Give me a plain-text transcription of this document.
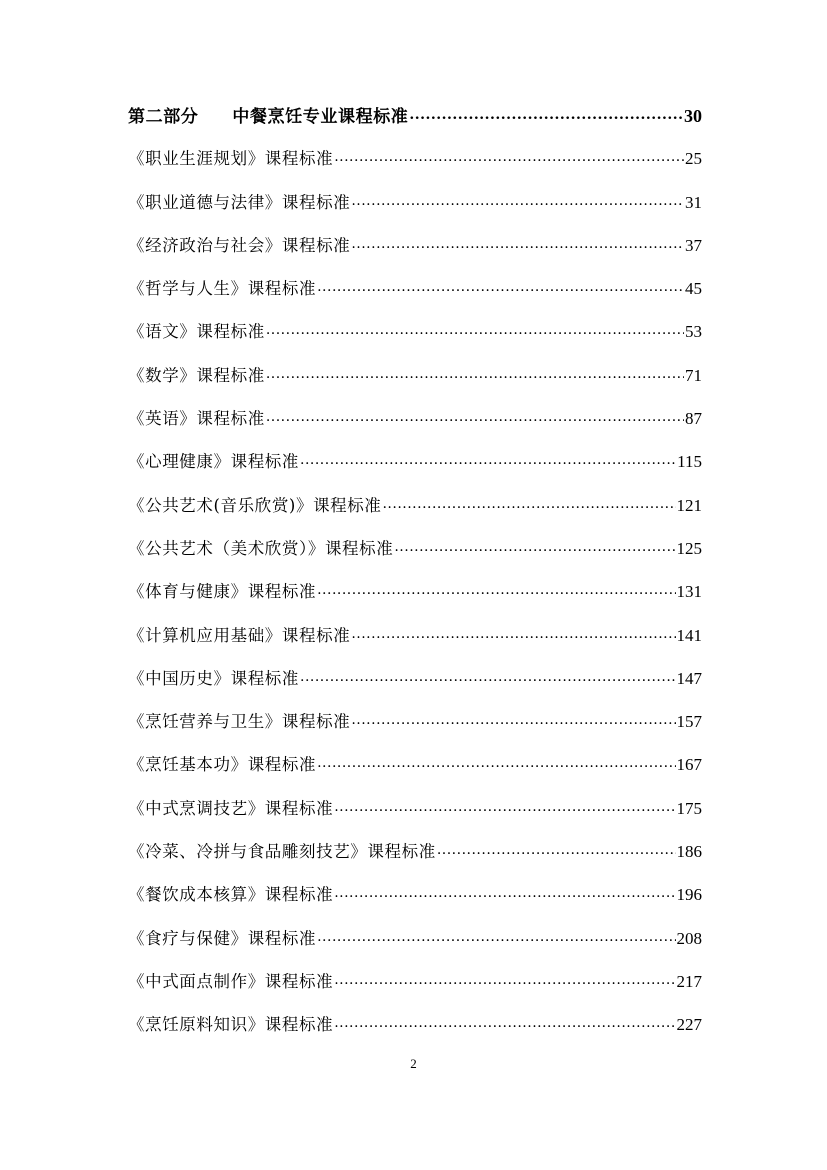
第二部分 中餐烹饪专业课程标准 .....	30
《职业生涯规划》课程标准 .....	25
《职业道德与法律》课程标准 .....	31
《经济政治与社会》课程标准 .....	37
《哲学与人生》课程标准 .....	45
《语文》课程标准 .....	53
《数学》课程标准 .....	71
《英语》课程标准 .....	87
《心理健康》课程标准 .....	115
《公共艺术(音乐欣赏)》课程标准 .....	121
《公共艺术（美术欣赏）》课程标准 .....	125
《体育与健康》课程标准 .....	131
《计算机应用基础》课程标准 .....	141
《中国历史》课程标准 .....	147
《烹饪营养与卫生》课程标准 .....	157
《烹饪基本功》课程标准 .....	167
《中式烹调技艺》课程标准 .....	175
《冷菜、冷拼与食品雕刻技艺》课程标准 .....	186
《餐饮成本核算》课程标准 .....	196
《食疗与保健》课程标准 .....	208
《中式面点制作》课程标准 .....	217
《烹饪原料知识》课程标准 .....	227
2
